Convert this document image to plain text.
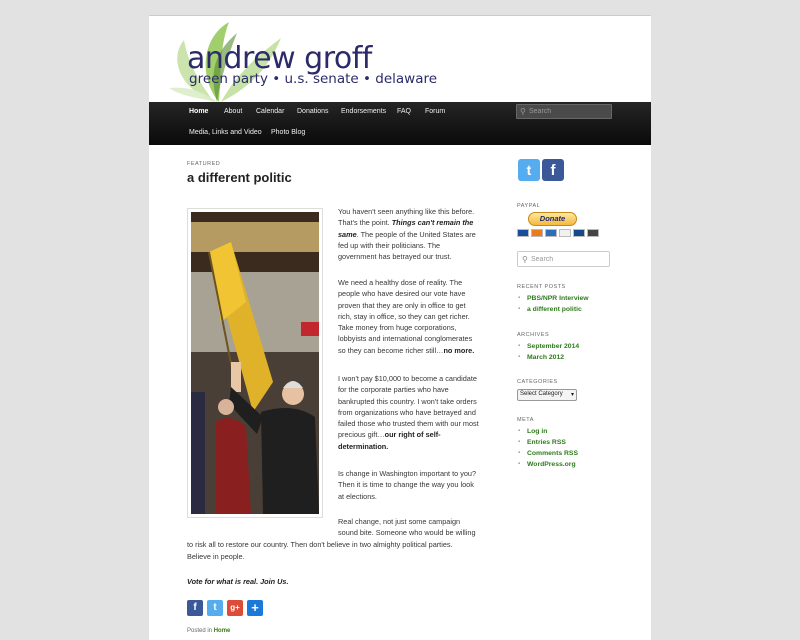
andrew groff
green party • u.s. senate • delaware
Home About Calendar Donations Endorsements FAQ Forum
Media, Links and Video Photo Blog
⚲
Search
FEATURED
a different politic
You haven't seen anything like this before. That's the point. Things can't remain the same. The people of the United States are fed up with their politicians. The government has betrayed our trust.
We need a healthy dose of reality. The people who have desired our vote have proven that they are only in office to get rich, stay in office, so they can get richer. Take money from huge corporations, lobbyists and international conglomerates so they can become richer still…no more.
I won't pay $10,000 to become a candidate for the corporate parties who have bankrupted this country. I won't take orders from organizations who have betrayed and failed those who trusted them with our most precious gift…our right of self-determination.
Is change in Washington important to you? Then it is time to change the way you look at elections.
Real change, not just some campaign
sound bite. Someone who would be willing
to risk all to restore our country. Then don't believe in two almighty political parties.
Believe in people.
Vote for what is real. Join Us.
f	t	g+ +
Posted in Home
t	f
PAYPAL
Donate
⚲
Search
RECENT POSTS
▪ PBS/NPR Interview
▪ a different politic
ARCHIVES
▪ September 2014
▪ March 2012
CATEGORIES
Select Category ▾
META
▪ Log in
▪ Entries RSS
▪ Comments RSS
▪ WordPress.org
